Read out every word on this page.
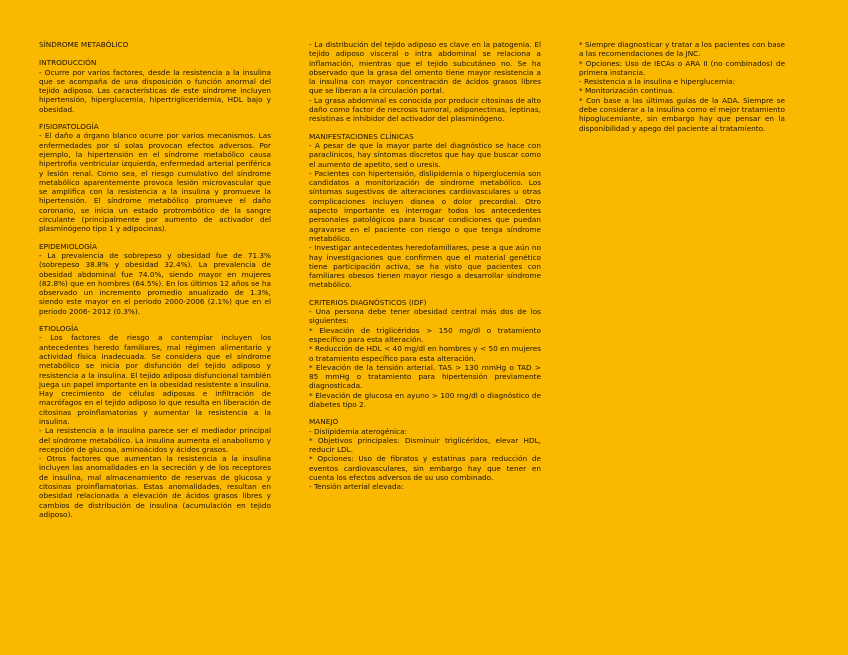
SÍNDROME METABÓLICO

INTRODUCCIÓN

- Ocurre por varios factores, desde la resistencia a la insulina que se acompaña de una disposición o función anormal del tejido adiposo. Las características de este síndrome incluyen hipertensión, hiperglucemia, hipertrigliceridemia, HDL bajo y obesidad.

FISIOPATOLOGÍA

- El daño a órgano blanco ocurre por varios mecanismos. Las enfermedades por sí solas provocan efectos adversos. Por ejemplo, la hipertensión en el síndrome metabólico causa hipertrofia ventricular izquierda, enfermedad arterial periférica y lesión renal. Como sea, el riesgo cumulativo del síndrome metabólico aparentemente provoca lesión microvascular que se amplifica con la resistencia a la insulina y promueve la hipertensión. El síndrome metabólico promueve el daño coronario, se inicia un estado protrombótico de la sangre circulante (principalmente por aumento de activador del plasminógeno tipo 1 y adipocinas).

EPIDEMIOLOGÍA

- La prevalencia de sobrepeso y obesidad fue de 71.3% (sobrepeso 38.8% y obesidad 32.4%). La prevalencia de obesidad abdominal fue 74.0%, siendo mayor en mujeres (82.8%) que en hombres (64.5%). En los últimos 12 años se ha observado un incremento promedio anualizado de 1.3%, siendo este mayor en el periodo 2000-2006 (2.1%) que en el periodo 2006- 2012 (0.3%).

ETIOLOGÍA

- Los factores de riesgo a contemplar incluyen los antecedentes heredo familiares, mal régimen alimentario y actividad física inadecuada. Se considera que el síndrome metabólico se inicia por disfunción del tejido adiposo y resistencia a la insulina. El tejido adiposo disfuncional también juega un papel importante en la obesidad resistente a insulina. Hay crecimiento de células adiposas e infiltración de macrófagos en el tejido adiposo lo que resulta en liberación de citosinas proinflamatorias y aumentar la resistencia a la insulina.

- La resistencia a la insulina parece ser el mediador principal del síndrome metabólico. La insulina aumenta el anabolismo y recepción de glucosa, aminoácidos y ácidos grasos.

- Otros factores que aumentan la resistencia a la insulina incluyen las anomalidades en la secreción y de los receptores de insulina, mal almacenamiento de reservas de glucosa y citosinas proinflamatorias. Estas anomalidades, resultan en obesidad relacionada a elevación de ácidos grasos libres y cambios de distribución de insulina (acumulación en tejido adiposo).

- La distribución del tejido adiposo es clave en la patogenia. El tejido adiposo visceral o intra abdominal se relaciona a inflamación, mientras que el tejido subcutáneo no. Se ha observado que la grasa del omento tiene mayor resistencia a la insulina con mayor concentración de ácidos grasos libres que se liberan a la circulación portal.

- La grasa abdominal es conocida por producir citosinas de alto daño como factor de necrosis tumoral, adiponectinas, leptinas, resistinas e inhibidor del activador del plasminógeno.

MANIFESTACIONES CLÍNICAS

- A pesar de que la mayor parte del diagnóstico se hace con paraclínicos, hay síntomas discretos que hay que buscar como el aumento de apetito, sed o uresis.

- Pacientes con hipertensión, dislipidemia o hiperglucemia son candidatos a monitorización de síndrome metabólico. Los síntomas sugestivos de alteraciones cardiovasculares u otras complicaciones incluyen disnea o dolor precordial. Otro aspecto importante es interrogar todos los antecedentes personales patológicos para buscar condiciones que puedan agravarse en el paciente con riesgo o que tenga síndrome metabólico.

- Investigar antecedentes heredofamiliares, pese a que aún no hay investigaciones que confirmen que el material genético tiene participación activa, se ha visto que pacientes con familiares obesos tienen mayor riesgo a desarrollar síndrome metabólico.

CRITERIOS DIAGNÓSTICOS (IDF)

- Una persona debe tener obesidad central más dos de los siguientes:

* Elevación de triglicéridos > 150 mg/dl o tratamiento específico para esta alteración.

* Reducción de HDL < 40 mg/dl en hombres y < 50 en mujeres o tratamiento específico para esta alteración.

* Elevación de la tensión arterial. TAS > 130 mmHg o TAD > 85 mmHg o tratamiento para hipertensión previamente diagnosticada.

* Elevación de glucosa en ayuno > 100 mg/dl o diagnóstico de diabetes tipo 2.

MANEJO

- Dislipidemia aterogénica:

* Objetivos principales: Disminuir triglicéridos, elevar HDL, reducir LDL.

* Opciones: Uso de fibratos y estatinas para reducción de eventos cardiovasculares, sin embargo hay que tener en cuenta los efectos adversos de su uso combinado.

- Tensión arterial elevada:

* Siempre diagnosticar y tratar a los pacientes con base a las recomendaciones de la JNC.

* Opciones: Uso de IECAs o ARA II (no combinados) de primera instancia.

- Resistencia a la insulina e hiperglucemia:

* Monitorización continua.

* Con base a las últimas guías de la ADA. Siempre se debe considerar a la insulina como el mejor tratamiento hipoglucemiante, sin embargo hay que pensar en la disponibilidad y apego del paciente al tratamiento.
